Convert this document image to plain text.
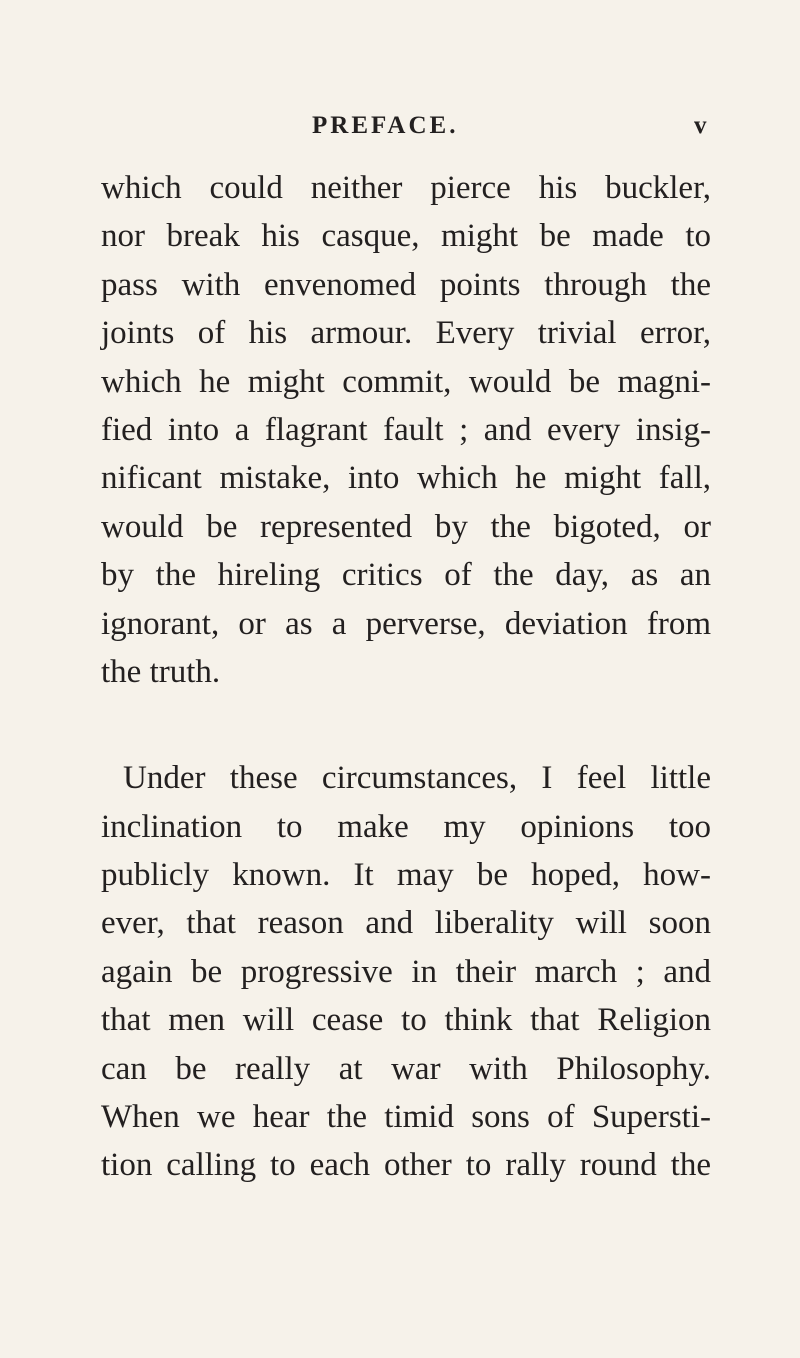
PREFACE.	v
which could neither pierce his buckler,
nor break his casque, might be made to
pass with envenomed points through the
joints of his armour. Every trivial error,
which he might commit, would be magni-
fied into a flagrant fault ; and every insig-
nificant mistake, into which he might fall,
would be represented by the bigoted, or
by the hireling critics of the day, as an
ignorant, or as a perverse, deviation from
the truth.
Under these circumstances, I feel little
inclination to make my opinions too
publicly known. It may be hoped, how-
ever, that reason and liberality will soon
again be progressive in their march ; and
that men will cease to think that Religion
can be really at war with Philosophy.
When we hear the timid sons of Supersti-
tion calling to each other to rally round the
